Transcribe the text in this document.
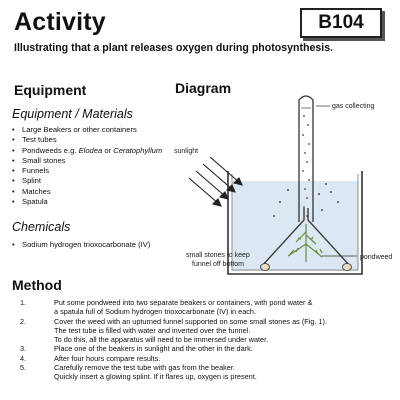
Activity	B104
Illustrating that a plant releases oxygen during photosynthesis.
Equipment
Equipment / Materials
• Large Beakers or other containers
• Test tubes
• Pondweeds e.g. Elodea or Ceratophyllum
• Small stones
• Funnels
• Splint
• Matches
• Spatula
Chemicals
• Sodium hydrogen trioxocarbonate (IV)
Diagram
gas collecting
sunlight
pondweed
small stones to keep
funnel off bottom
Method
1.	Put some pondweed into two separate beakers or containers, with pond water &
a spatula full of Sodium hydrogen trioxocarbonate (IV) in each.
2.	Cover the weed with an upturned funnel supported on some small stones as (Fig. 1).
The test tube is filled with water and inverted over the funnel.
To do this, all the apparatus will need to be immersed under water.
3.	Place one of the beakers in sunlight and the other in the dark.
4.	After four hours compare results.
5.	Carefully remove the test tube with gas from the beaker.
Quickly insert a glowing splint. If it flares up, oxygen is present.
